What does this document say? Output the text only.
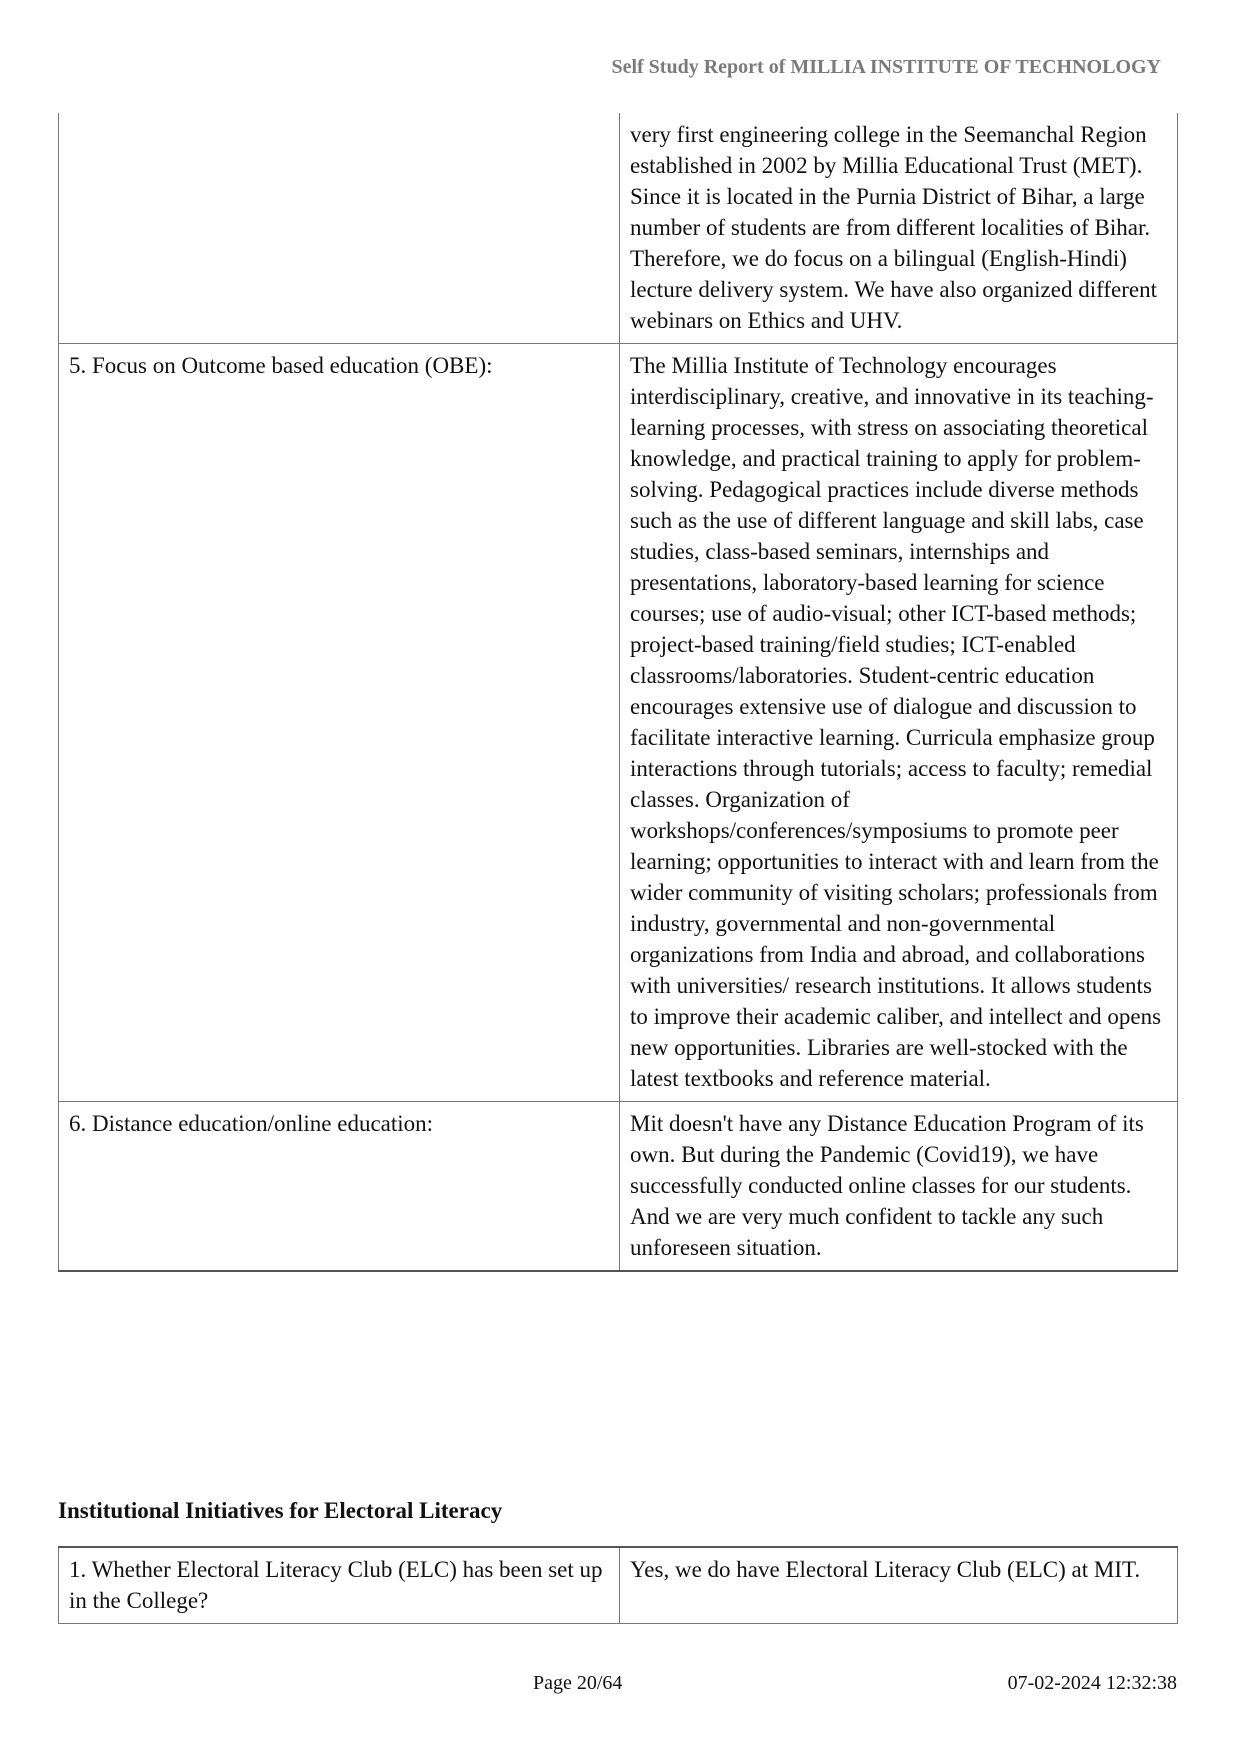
Self Study Report of MILLIA INSTITUTE OF TECHNOLOGY
	very first engineering college in the Seemanchal Region established in 2002 by Millia Educational Trust (MET). Since it is located in the Purnia District of Bihar, a large number of students are from different localities of Bihar. Therefore, we do focus on a bilingual (English-Hindi) lecture delivery system. We have also organized different webinars on Ethics and UHV.
5. Focus on Outcome based education (OBE):	The Millia Institute of Technology encourages interdisciplinary, creative, and innovative in its teaching-learning processes, with stress on associating theoretical knowledge, and practical training to apply for problem-solving. Pedagogical practices include diverse methods such as the use of different language and skill labs, case studies, class-based seminars, internships and presentations, laboratory-based learning for science courses; use of audio-visual; other ICT-based methods; project-based training/field studies; ICT-enabled classrooms/laboratories. Student-centric education encourages extensive use of dialogue and discussion to facilitate interactive learning. Curricula emphasize group interactions through tutorials; access to faculty; remedial classes. Organization of workshops/conferences/symposiums to promote peer learning; opportunities to interact with and learn from the wider community of visiting scholars; professionals from industry, governmental and non-governmental organizations from India and abroad, and collaborations with universities/ research institutions. It allows students to improve their academic caliber, and intellect and opens new opportunities. Libraries are well-stocked with the latest textbooks and reference material.
6. Distance education/online education:	Mit doesn't have any Distance Education Program of its own. But during the Pandemic (Covid19), we have successfully conducted online classes for our students. And we are very much confident to tackle any such unforeseen situation.
Institutional Initiatives for Electoral Literacy
1. Whether Electoral Literacy Club (ELC) has been set up in the College?	Yes, we do have Electoral Literacy Club (ELC) at MIT.
Page 20/64	07-02-2024 12:32:38
